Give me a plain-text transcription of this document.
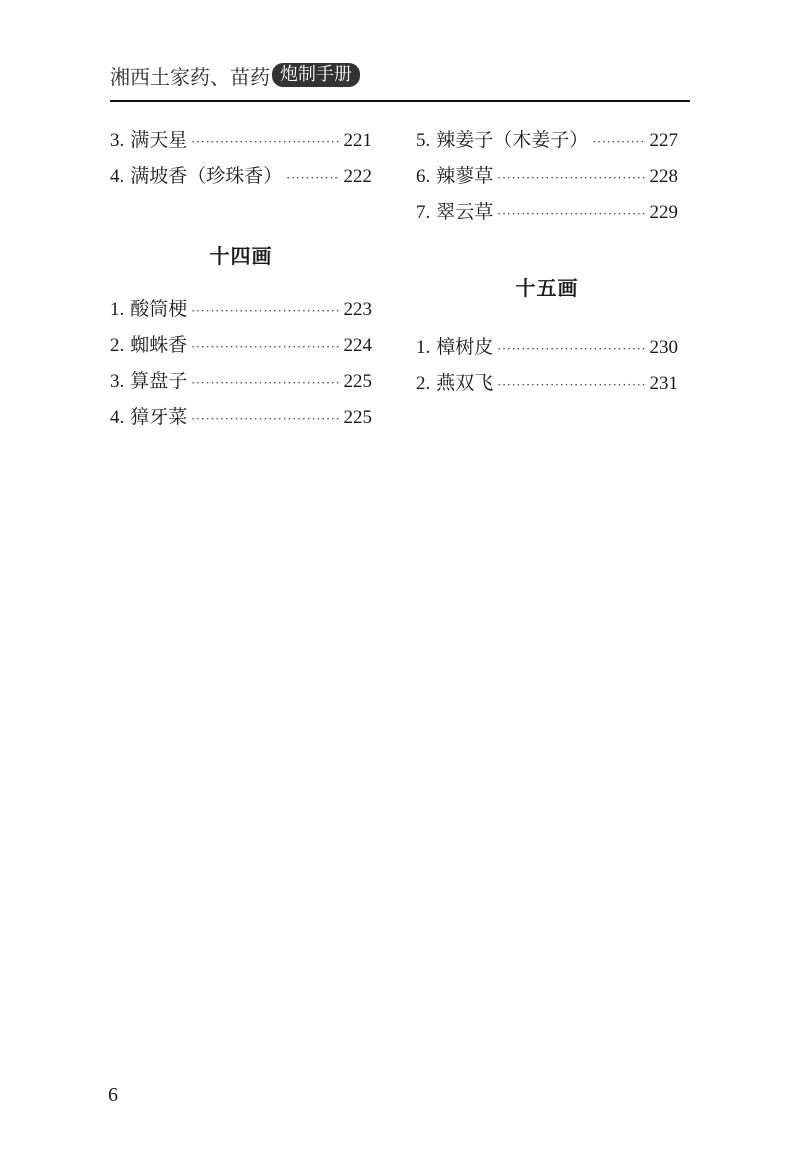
湘西土家药、苗药 炮制手册
3. 满天星 ·····	221
4. 满坡香（珍珠香） ·····	222
十四画
1. 酸筒梗 ·····	223
2. 蜘蛛香 ·····	224
3. 算盘子 ·····	225
4. 獐牙菜 ·····	225
5. 辣姜子（木姜子） ·····	227
6. 辣蓼草 ·····	228
7. 翠云草 ·····	229
十五画
1. 樟树皮 ·····	230
2. 燕双飞 ·····	231
6
